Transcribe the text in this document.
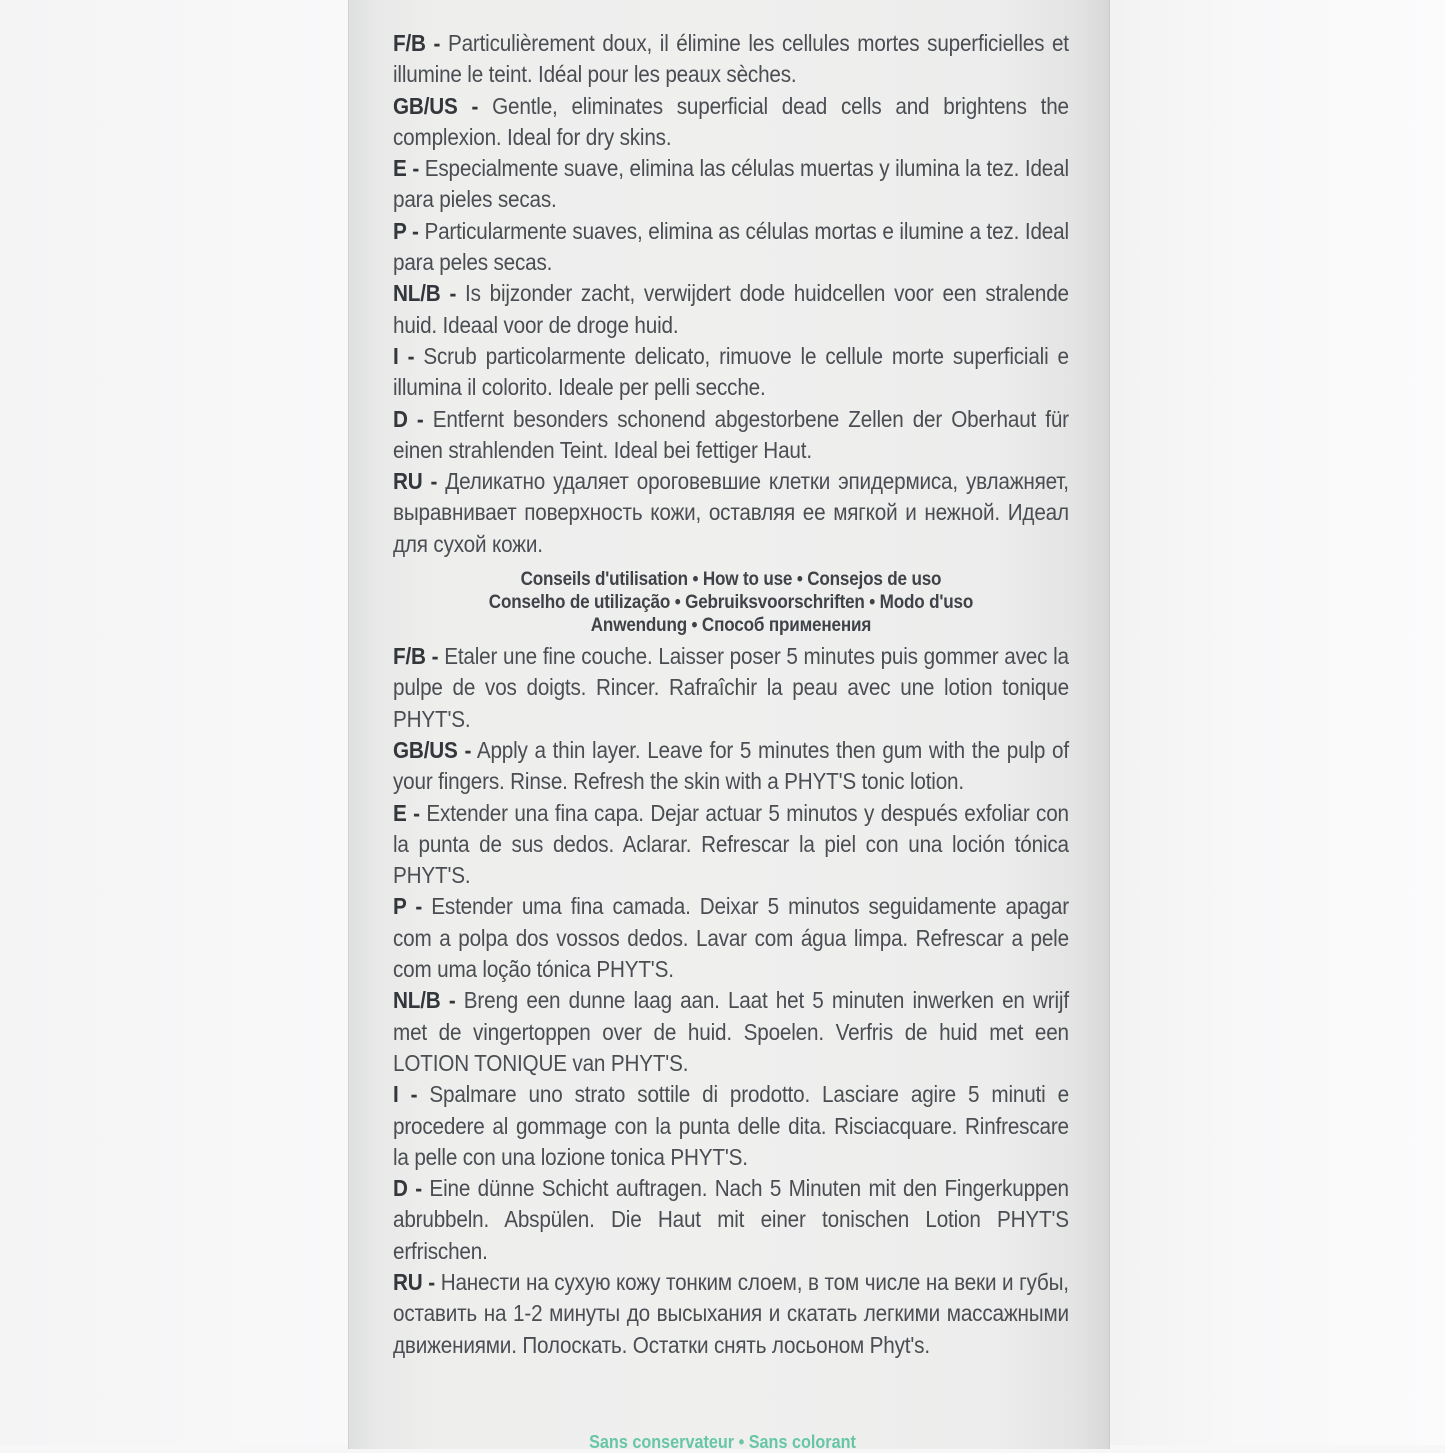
F/B - Particulièrement doux, il élimine les cellules mortes superficielles et illumine le teint. Idéal pour les peaux sèches.

GB/US - Gentle, eliminates superficial dead cells and brightens the complexion. Ideal for dry skins.

E - Especialmente suave, elimina las células muertas y ilumina la tez. Ideal para pieles secas.

P - Particularmente suaves, elimina as células mortas e ilumine a tez. Ideal para peles secas.

NL/B - Is bijzonder zacht, verwijdert dode huidcellen voor een stralende huid. Ideaal voor de droge huid.

I - Scrub particolarmente delicato, rimuove le cellule morte superficiali e illumina il colorito. Ideale per pelli secche.

D - Entfernt besonders schonend abgestorbene Zellen der Oberhaut für einen strahlenden Teint. Ideal bei fettiger Haut.

RU - Деликатно удаляет ороговевшие клетки эпидермиса, увлажняет, выравнивает поверхность кожи, оставляя ее мягкой и нежной. Идеал для сухой кожи.

Conseils d'utilisation • How to use • Consejos de uso
Conselho de utilização • Gebruiksvoorschriften • Modo d'uso
Anwendung • Способ применения

F/B - Etaler une fine couche. Laisser poser 5 minutes puis gommer avec la pulpe de vos doigts. Rincer. Rafraîchir la peau avec une lotion tonique PHYT'S.

GB/US - Apply a thin layer. Leave for 5 minutes then gum with the pulp of your fingers. Rinse. Refresh the skin with a PHYT'S tonic lotion.

E - Extender una fina capa. Dejar actuar 5 minutos y después exfoliar con la punta de sus dedos. Aclarar. Refrescar la piel con una loción tónica PHYT'S.

P - Estender uma fina camada. Deixar 5 minutos seguidamente apagar com a polpa dos vossos dedos. Lavar com água limpa. Refrescar a pele com uma loção tónica PHYT'S.

NL/B - Breng een dunne laag aan. Laat het 5 minuten inwerken en wrijf met de vingertoppen over de huid. Spoelen. Verfris de huid met een LOTION TONIQUE van PHYT'S.

I - Spalmare uno strato sottile di prodotto. Lasciare agire 5 minuti e procedere al gommage con la punta delle dita. Risciacquare. Rinfrescare la pelle con una lozione tonica PHYT'S.

D - Eine dünne Schicht auftragen. Nach 5 Minuten mit den Fingerkuppen abrubbeln. Abspülen. Die Haut mit einer tonischen Lotion PHYT'S erfrischen.

RU - Нанести на сухую кожу тонким слоем, в том числе на веки и губы, оставить на 1-2 минуты до высыхания и скатать легкими массажными движениями. Полоскать. Остатки снять лосьоном Phyt's.

Sans conservateur • Sans colorant
